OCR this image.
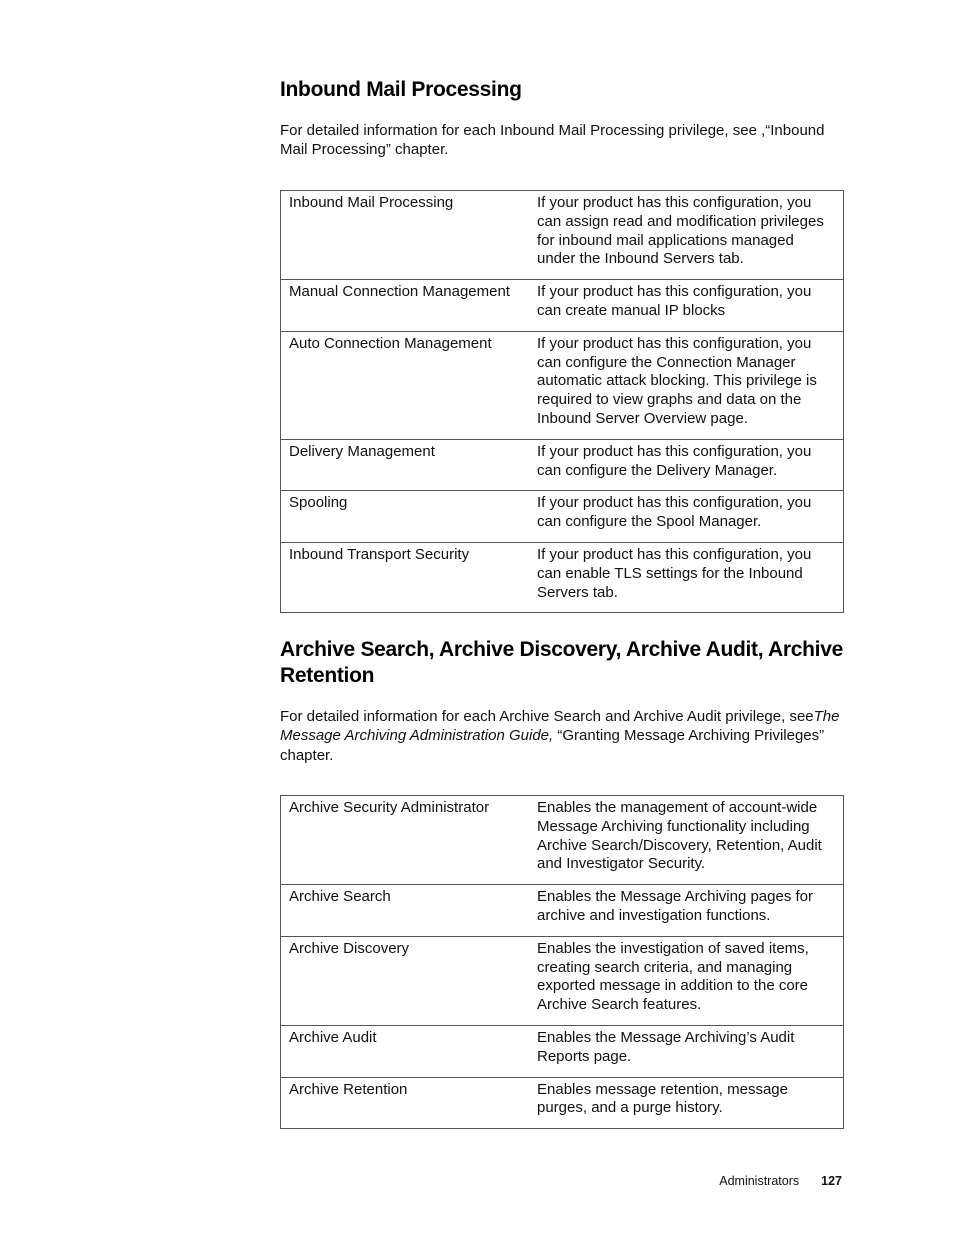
Inbound Mail Processing

For detailed information for each Inbound Mail Processing privilege, see ,“Inbound Mail Processing” chapter.

Inbound Mail Processing	If your product has this configuration, you can assign read and modification privileges for inbound mail applications managed under the Inbound Servers tab.
Manual Connection Management	If your product has this configuration, you can create manual IP blocks
Auto Connection Management	If your product has this configuration, you can configure the Connection Manager automatic attack blocking. This privilege is required to view graphs and data on the Inbound Server Overview page.
Delivery Management	If your product has this configuration, you can configure the Delivery Manager.
Spooling	If your product has this configuration, you can configure the Spool Manager.
Inbound Transport Security	If your product has this configuration, you can enable TLS settings for the Inbound Servers tab.
Archive Search, Archive Discovery, Archive Audit, Archive Retention

For detailed information for each Archive Search and Archive Audit privilege, seeThe Message Archiving Administration Guide, “Granting Message Archiving Privileges” chapter.

Archive Security Administrator	Enables the management of account-wide Message Archiving functionality including Archive Search/Discovery, Retention, Audit and Investigator Security.
Archive Search	Enables the Message Archiving pages for archive and investigation functions.
Archive Discovery	Enables the investigation of saved items, creating search criteria, and managing exported message in addition to the core Archive Search features.
Archive Audit	Enables the Message Archiving’s Audit Reports page.
Archive Retention	Enables message retention, message purges, and a purge history.
Administrators 127
